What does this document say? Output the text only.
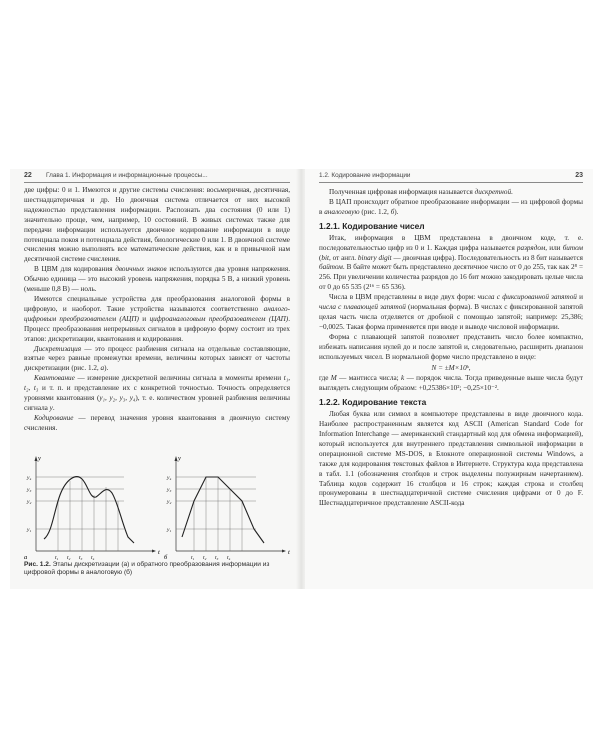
22 Глава 1. Информация и информационные процессы...

две цифры: 0 и 1. Имеются и другие системы счисления: восьмеричная, десятичная, шестнадцатеричная и др. Но двоичная система отличается от них высокой надежностью представления информации. Распознать два состояния (0 или 1) значительно проще, чем, например, 10 состояний. В живых системах также для передачи информации используется двоичное кодирование информации в виде потенциала покоя и потенциала действия, биологические 0 или 1. В двоичной системе счисления можно выполнять все математические действия, как и в привычной нам десятичной системе счисления.

В ЦВМ для кодирования двоичных знаков используются два уровня напряжения. Обычно единица — это высокий уровень напряжения, порядка 5 В, а низкий уровень (меньше 0,8 В) — ноль.

Имеются специальные устройства для преобразования аналоговой формы в цифровую, и наоборот. Такие устройства называются соответственно аналого-цифровым преобразователем (АЦП) и цифроаналоговым преобразователем (ЦАП). Процесс преобразования непрерывных сигналов в цифровую форму состоит из трех этапов: дискретизации, квантования и кодирования.

Дискретизация — это процесс разбиения сигнала на отдельные составляющие, взятые через равные промежутки времени, величины которых зависят от частоты дискретизации (рис. 1.2, а).

Квантование — измерение дискретной величины сигнала в моменты времени t₁, t₂, t₃ и т. п. и представление их с конкретной точностью. Точность определяется уровнями квантования (y₁, y₂, y₃, y₄), т. е. количеством уровней разбиения величины сигнала y.

Кодирование — перевод значения уровня квантования в двоичную систему счисления.

y
t
y₄
y₃
y₂
y₁
t₁ t₂ t₃ t₄
а
y
t
y₄
y₃
y₂
y₁
t₁ t₂ t₃ t₄
б
Рис. 1.2. Этапы дискретизации (а) и обратного преобразования информации из цифровой формы в аналоговую (б)
1.2. Кодирование информации	23

Полученная цифровая информация называется дискретной.

В ЦАП происходит обратное преобразование информации — из цифровой формы в аналоговую (рис. 1.2, б).

1.2.1. Кодирование чисел

Итак, информация в ЦВМ представлена в двоичном коде, т. е. последовательностью цифр из 0 и 1. Каждая цифра называется разрядом, или битом (bit, от англ. binary digit — двоичная цифра). Последовательность из 8 бит называется байтом. В байте может быть представлено десятичное число от 0 до 255, так как 2⁸ = 256. При увеличении количества разрядов до 16 бит можно закодировать целые числа от 0 до 65 535 (2¹⁶ = 65 536).

Числа в ЦВМ представлены в виде двух форм: числа с фиксированной запятой и числа с плавающей запятой (нормальная форма). В числах с фиксированной запятой целая часть числа отделяется от дробной с помощью запятой; например: 25,386; −0,0025. Такая форма применяется при вводе и выводе числовой информации.

Форма с плавающей запятой позволяет представить число более компактно, избежать написания нулей до и после запятой и, следовательно, расширить диапазон используемых чисел. В нормальной форме число представлено в виде:

N = ±M×10ᵏ,

где M — мантисса числа; k — порядок числа. Тогда приведенные выше числа будут выглядеть следующим образом: +0,25386×10²; −0,25×10⁻².

1.2.2. Кодирование текста

Любая буква или символ в компьютере представлены в виде двоичного кода. Наиболее распространенным является код ASCII (American Standard Code for Information Interchange — американский стандартный код для обмена информацией), который используется для внутреннего представления символьной информации в операционной системе MS-DOS, в Блокноте операционной системы Windows, а также для кодирования текстовых файлов в Интернете. Структура кода представлена в табл. 1.1 (обозначения столбцов и строк выделены полужирным начертанием). Таблица кодов содержит 16 столбцов и 16 строк; каждая строка и столбец пронумерованы в шестнадцатеричной системе счисления цифрами от 0 до F. Шестнадцатеричное представление ASCII-кода
